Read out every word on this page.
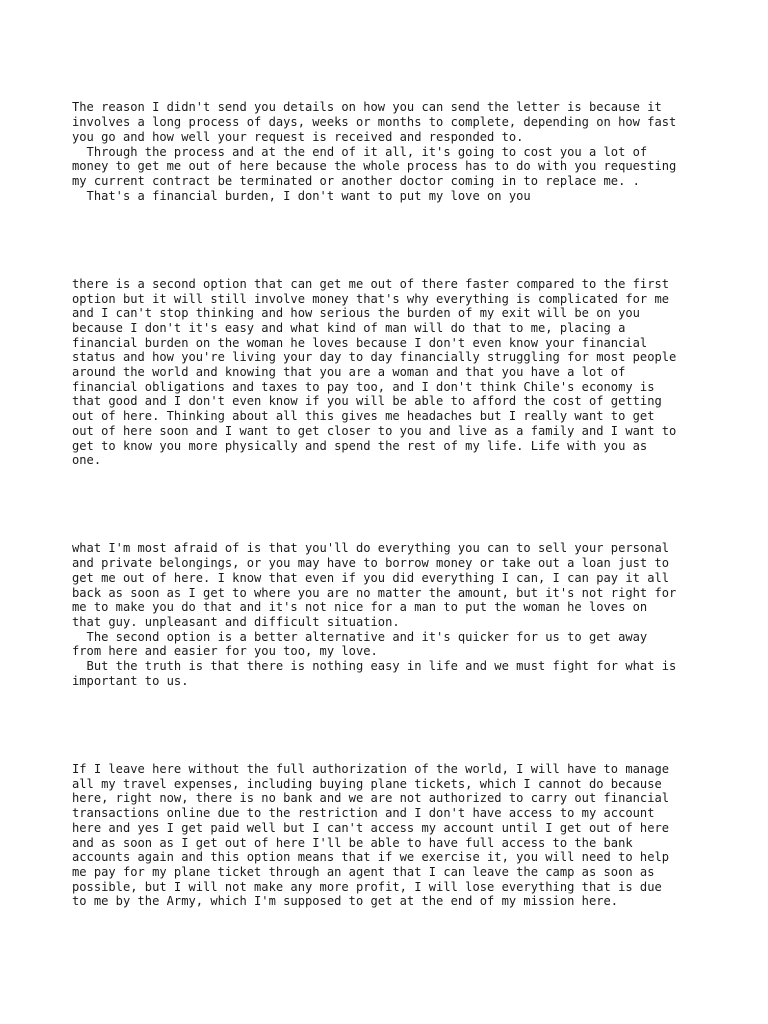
The reason I didn't send you details on how you can send the letter is because it
involves a long process of days, weeks or months to complete, depending on how fast
you go and how well your request is received and responded to.
Through the process and at the end of it all, it's going to cost you a lot of
money to get me out of here because the whole process has to do with you requesting
my current contract be terminated or another doctor coming in to replace me. .
That's a financial burden, I don't want to put my love on you

there is a second option that can get me out of there faster compared to the first
option but it will still involve money that's why everything is complicated for me
and I can't stop thinking and how serious the burden of my exit will be on you
because I don't it's easy and what kind of man will do that to me, placing a
financial burden on the woman he loves because I don't even know your financial
status and how you're living your day to day financially struggling for most people
around the world and knowing that you are a woman and that you have a lot of
financial obligations and taxes to pay too, and I don't think Chile's economy is
that good and I don't even know if you will be able to afford the cost of getting
out of here. Thinking about all this gives me headaches but I really want to get
out of here soon and I want to get closer to you and live as a family and I want to
get to know you more physically and spend the rest of my life. Life with you as
one.

what I'm most afraid of is that you'll do everything you can to sell your personal
and private belongings, or you may have to borrow money or take out a loan just to
get me out of here. I know that even if you did everything I can, I can pay it all
back as soon as I get to where you are no matter the amount, but it's not right for
me to make you do that and it's not nice for a man to put the woman he loves on
that guy. unpleasant and difficult situation.
The second option is a better alternative and it's quicker for us to get away
from here and easier for you too, my love.
But the truth is that there is nothing easy in life and we must fight for what is
important to us.

If I leave here without the full authorization of the world, I will have to manage
all my travel expenses, including buying plane tickets, which I cannot do because
here, right now, there is no bank and we are not authorized to carry out financial
transactions online due to the restriction and I don't have access to my account
here and yes I get paid well but I can't access my account until I get out of here
and as soon as I get out of here I'll be able to have full access to the bank
accounts again and this option means that if we exercise it, you will need to help
me pay for my plane ticket through an agent that I can leave the camp as soon as
possible, but I will not make any more profit, I will lose everything that is due
to me by the Army, which I'm supposed to get at the end of my mission here.
